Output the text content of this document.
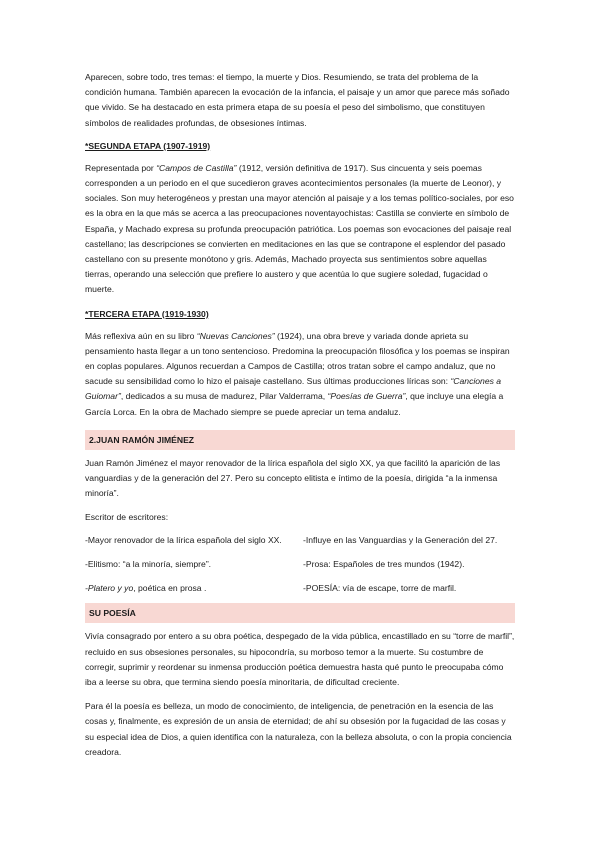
Aparecen, sobre todo, tres temas: el tiempo, la muerte y Dios. Resumiendo, se trata del problema de la condición humana. También aparecen la evocación de la infancia, el paisaje y un amor que parece más soñado que vivido. Se ha destacado en esta primera etapa de su poesía el peso del simbolismo, que constituyen símbolos de realidades profundas, de obsesiones íntimas.

*SEGUNDA ETAPA (1907-1919)

Representada por “Campos de Castilla” (1912, versión definitiva de 1917). Sus cincuenta y seis poemas corresponden a un periodo en el que sucedieron graves acontecimientos personales (la muerte de Leonor), y sociales. Son muy heterogéneos y prestan una mayor atención al paisaje y a los temas político-sociales, por eso es la obra en la que más se acerca a las preocupaciones noventayochistas: Castilla se convierte en símbolo de España, y Machado expresa su profunda preocupación patriótica. Los poemas son evocaciones del paisaje real castellano; las descripciones se convierten en meditaciones en las que se contrapone el esplendor del pasado castellano con su presente monótono y gris. Además, Machado proyecta sus sentimientos sobre aquellas tierras, operando una selección que prefiere lo austero y que acentúa lo que sugiere soledad, fugacidad o muerte.

*TERCERA ETAPA (1919-1930)

Más reflexiva aún en su libro “Nuevas Canciones” (1924), una obra breve y variada donde aprieta su pensamiento hasta llegar a un tono sentencioso. Predomina la preocupación filosófica y los poemas se inspiran en coplas populares. Algunos recuerdan a Campos de Castilla; otros tratan sobre el campo andaluz, que no sacude su sensibilidad como lo hizo el paisaje castellano. Sus últimas producciones líricas son: “Canciones a Guiomar”, dedicados a su musa de madurez, Pilar Valderrama, “Poesías de Guerra”, que incluye una elegía a García Lorca. En la obra de Machado siempre se puede apreciar un tema andaluz.

2.JUAN RAMÓN JIMÉNEZ

Juan Ramón Jiménez el mayor renovador de la lírica española del siglo XX, ya que facilitó la aparición de las vanguardias y de la generación del 27. Pero su concepto elitista e íntimo de la poesía, dirigida “a la inmensa minoría”.

Escritor de escritores:
-Mayor renovador de la lírica española del siglo XX.	-Influye en las Vanguardias y la Generación del 27.
-Elitismo: “a la minoría, siempre”.	-Prosa: Españoles de tres mundos (1942).
-Platero y yo, poética en prosa .	-POESÍA: vía de escape, torre de marfil.
SU POESÍA

Vivía consagrado por entero a su obra poética, despegado de la vida pública, encastillado en su “torre de marfil”, recluido en sus obsesiones personales, su hipocondría, su morboso temor a la muerte. Su costumbre de corregir, suprimir y reordenar su inmensa producción poética demuestra hasta qué punto le preocupaba cómo iba a leerse su obra, que termina siendo poesía minoritaria, de dificultad creciente.

Para él la poesía es belleza, un modo de conocimiento, de inteligencia, de penetración en la esencia de las cosas y, finalmente, es expresión de un ansia de eternidad; de ahí su obsesión por la fugacidad de las cosas y su especial idea de Dios, a quien identifica con la naturaleza, con la belleza absoluta, o con la propia conciencia creadora.
